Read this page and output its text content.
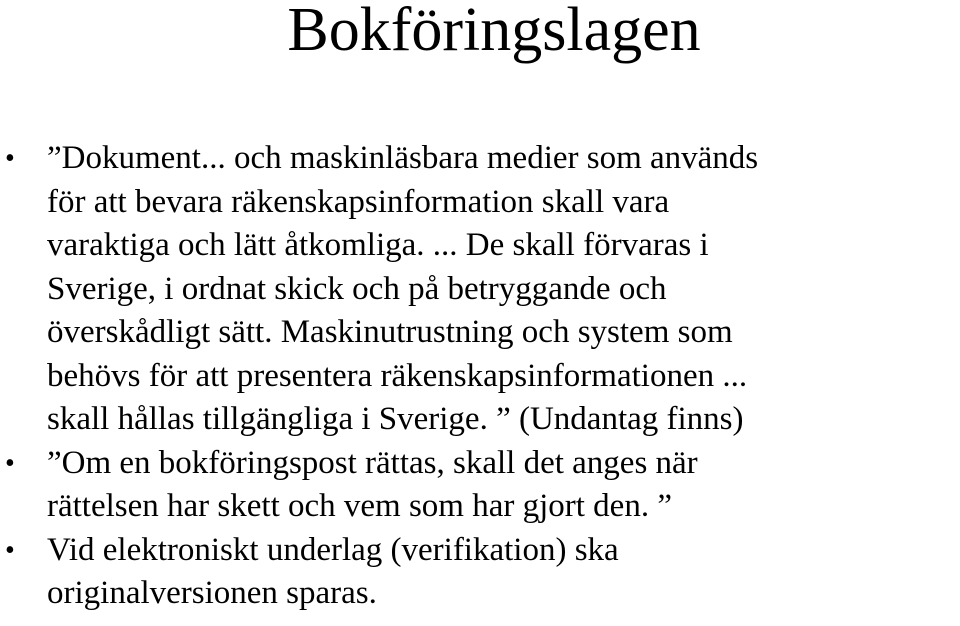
Bokföringslagen
• ”Dokument... och maskinläsbara medier som används
för att bevara räkenskapsinformation skall vara
varaktiga och lätt åtkomliga. ... De skall förvaras i
Sverige, i ordnat skick och på betryggande och
överskådligt sätt. Maskinutrustning och system som
behövs för att presentera räkenskapsinformationen ...
skall hållas tillgängliga i Sverige. ” (Undantag finns)
• ”Om en bokföringspost rättas, skall det anges när
rättelsen har skett och vem som har gjort den. ”
• Vid elektroniskt underlag (verifikation) ska
originalversionen sparas.
